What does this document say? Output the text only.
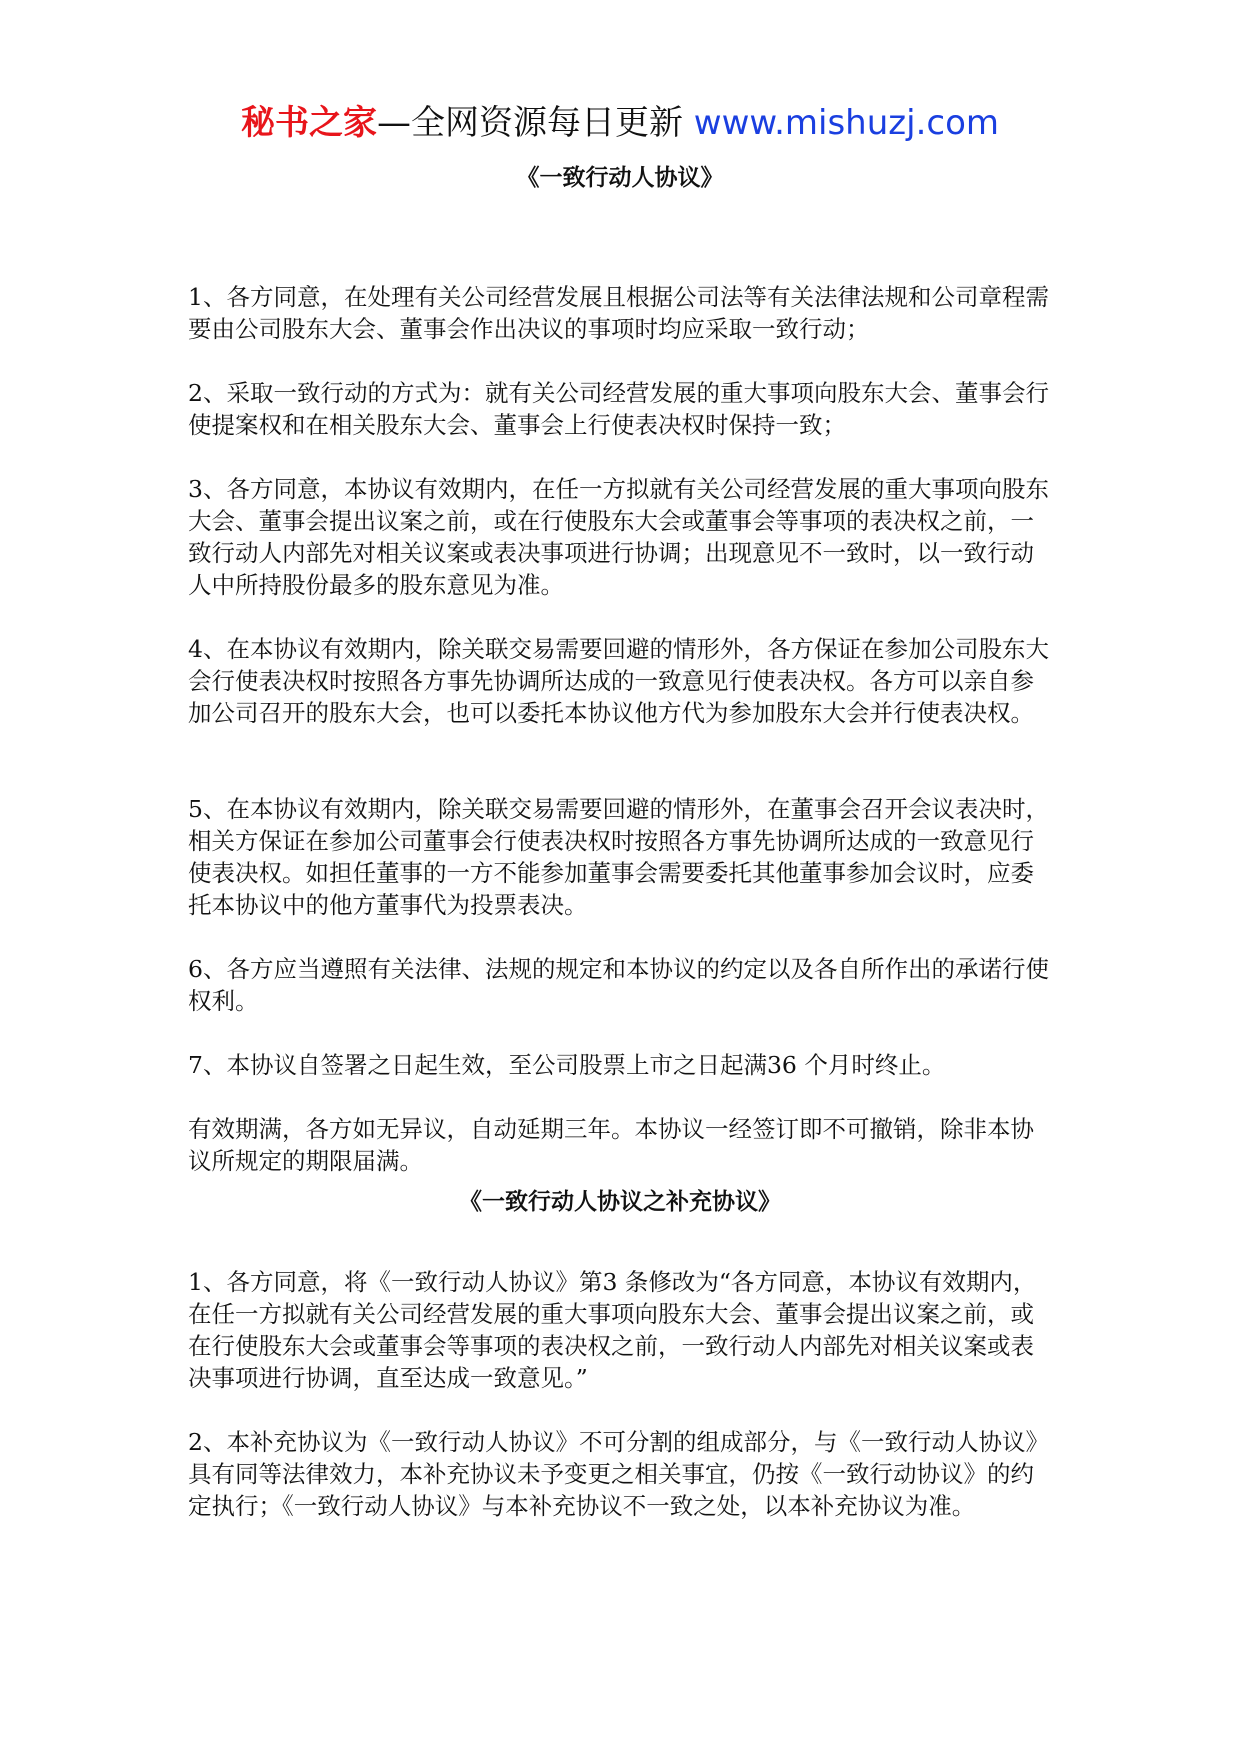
秘书之家—全网资源每日更新 www.mishuzj.com
《一致行动人协议》

1、各方同意，在处理有关公司经营发展且根据公司法等有关法律法规和公司章程需要由公司股东大会、董事会作出决议的事项时均应采取一致行动；

2、采取一致行动的方式为：就有关公司经营发展的重大事项向股东大会、董事会行使提案权和在相关股东大会、董事会上行使表决权时保持一致；

3、各方同意，本协议有效期内，在任一方拟就有关公司经营发展的重大事项向股东大会、董事会提出议案之前，或在行使股东大会或董事会等事项的表决权之前，一致行动人内部先对相关议案或表决事项进行协调；出现意见不一致时，以一致行动人中所持股份最多的股东意见为准。

4、在本协议有效期内，除关联交易需要回避的情形外，各方保证在参加公司股东大会行使表决权时按照各方事先协调所达成的一致意见行使表决权。各方可以亲自参加公司召开的股东大会，也可以委托本协议他方代为参加股东大会并行使表决权。

5、在本协议有效期内，除关联交易需要回避的情形外，在董事会召开会议表决时，相关方保证在参加公司董事会行使表决权时按照各方事先协调所达成的一致意见行使表决权。如担任董事的一方不能参加董事会需要委托其他董事参加会议时，应委托本协议中的他方董事代为投票表决。

6、各方应当遵照有关法律、法规的规定和本协议的约定以及各自所作出的承诺行使权利。

7、本协议自签署之日起生效，至公司股票上市之日起满36 个月时终止。

有效期满，各方如无异议，自动延期三年。本协议一经签订即不可撤销，除非本协议所规定的期限届满。

《一致行动人协议之补充协议》

1、各方同意，将《一致行动人协议》第3 条修改为“各方同意，本协议有效期内，在任一方拟就有关公司经营发展的重大事项向股东大会、董事会提出议案之前，或在行使股东大会或董事会等事项的表决权之前，一致行动人内部先对相关议案或表决事项进行协调，直至达成一致意见。”

2、本补充协议为《一致行动人协议》不可分割的组成部分，与《一致行动人协议》具有同等法律效力，本补充协议未予变更之相关事宜，仍按《一致行动协议》的约定执行；《一致行动人协议》与本补充协议不一致之处，以本补充协议为准。
